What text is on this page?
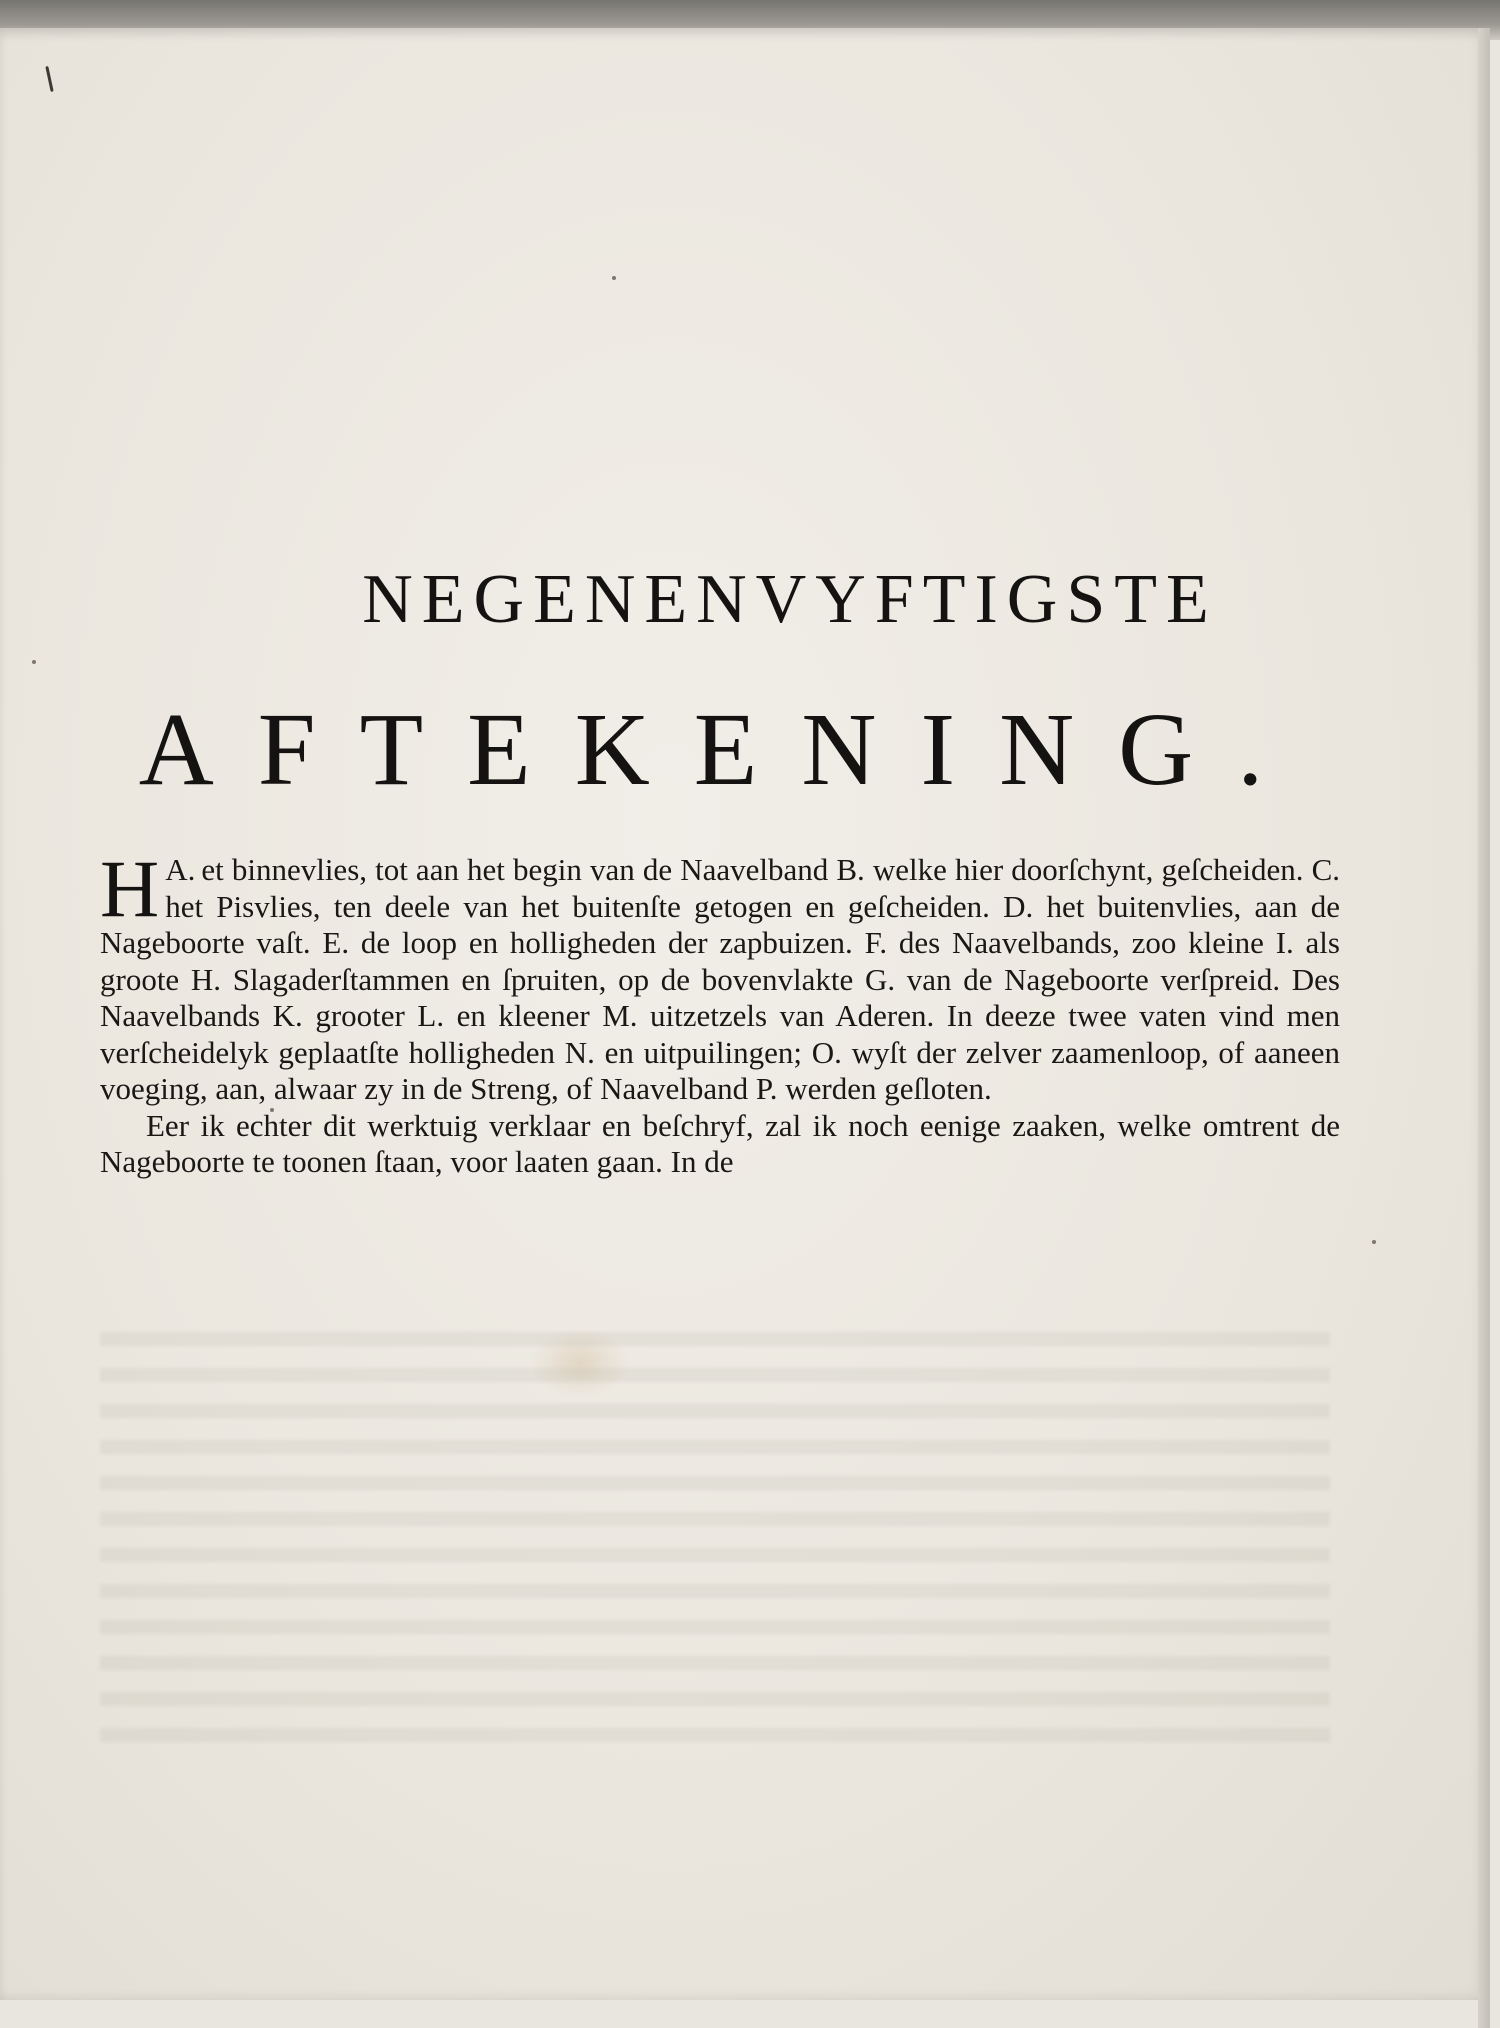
NEGENENVYFTIGSTE
AFTEKENING.

A.
H et binnevlies, tot aan het begin van de Naavelband B. welke hier doorſchynt, geſcheiden. C. het Pisvlies, ten deele van het buitenſte getogen en geſcheiden. D. het buitenvlies, aan de Nageboorte vaſt. E. de loop en holligheden der zapbuizen. F. des Naavelbands, zoo kleine I. als groote H. Slagaderſtammen en ſpruiten, op de bovenvlakte G. van de Nageboorte verſpreid. Des Naavelbands K. grooter L. en kleener M. uitzetzels van Aderen. In deeze twee vaten vind men verſcheidelyk geplaatſte holligheden N. en uitpuilingen; O. wyſt der zelver zaamenloop, of aaneen voeging, aan, alwaar zy in de Streng, of Naavelband P. werden geſloten.

Eer ik echter dit werktuig verklaar en beſchryf, zal ik noch eenige zaaken, welke omtrent de Nageboorte te toonen ſtaan, voor laaten gaan. In de
